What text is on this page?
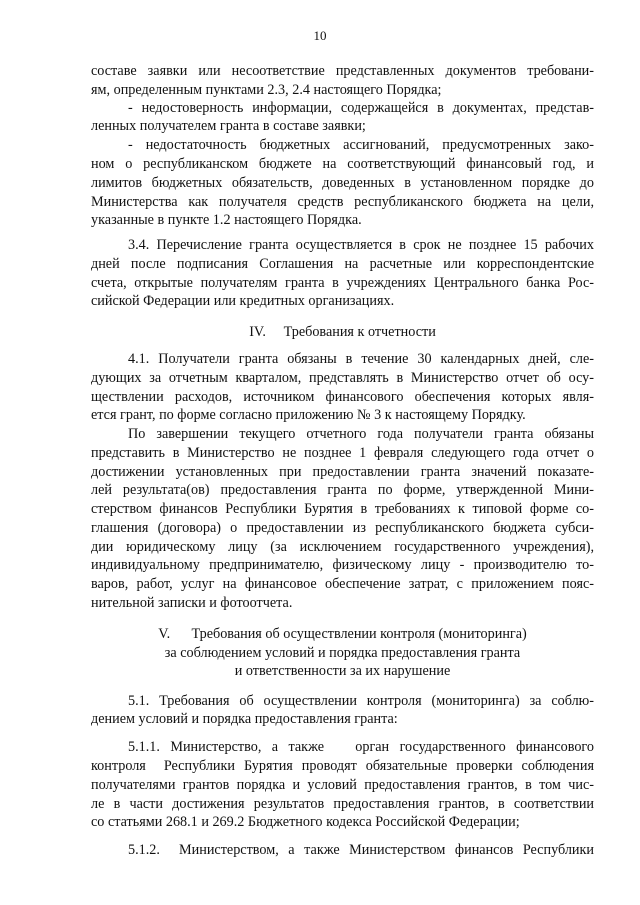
10
составе заявки или несоответствие представленных документов требовани-
ям, определенным пунктами 2.3, 2.4 настоящего Порядка;
- недостоверность информации, содержащейся в документах, представ-
ленных получателем гранта в составе заявки;
- недостаточность бюджетных ассигнований, предусмотренных зако-
ном о республиканском бюджете на соответствующий финансовый год, и
лимитов бюджетных обязательств, доведенных в установленном порядке до
Министерства как получателя средств республиканского бюджета на цели,
указанные в пункте 1.2 настоящего Порядка.
3.4. Перечисление гранта осуществляется в срок не позднее 15 рабочих
дней после подписания Соглашения на расчетные или корреспондентские
счета, открытые получателям гранта в учреждениях Центрального банка Рос-
сийской Федерации или кредитных организациях.
IV.     Требования к отчетности
4.1. Получатели гранта обязаны в течение 30 календарных дней, сле-
дующих за отчетным кварталом, представлять в Министерство отчет об осу-
ществлении расходов, источником финансового обеспечения которых явля-
ется грант, по форме согласно приложению № 3 к настоящему Порядку.
По завершении текущего отчетного года получатели гранта обязаны
представить в Министерство не позднее 1 февраля следующего года отчет о
достижении установленных при предоставлении гранта значений показате-
лей результата(ов) предоставления гранта по форме, утвержденной Мини-
стерством финансов Республики Бурятия в требованиях к типовой форме со-
глашения (договора) о предоставлении из республиканского бюджета субси-
дии юридическому лицу (за исключением государственного учреждения),
индивидуальному предпринимателю, физическому лицу - производителю то-
варов, работ, услуг на финансовое обеспечение затрат, с приложением пояс-
нительной записки и фотоотчета.
V.      Требования об осуществлении контроля (мониторинга)
за соблюдением условий и порядка предоставления гранта
и ответственности за их нарушение
5.1. Требования об осуществлении контроля (мониторинга) за соблю-
дением условий и порядка предоставления гранта:
5.1.1. Министерство, а также   орган государственного финансового
контроля  Республики Бурятия проводят обязательные проверки соблюдения
получателями грантов порядка и условий предоставления грантов, в том чис-
ле в части достижения результатов предоставления грантов, в соответствии
со статьями 268.1 и 269.2 Бюджетного кодекса Российской Федерации;
5.1.2.  Министерством, а также Министерством финансов Республики
